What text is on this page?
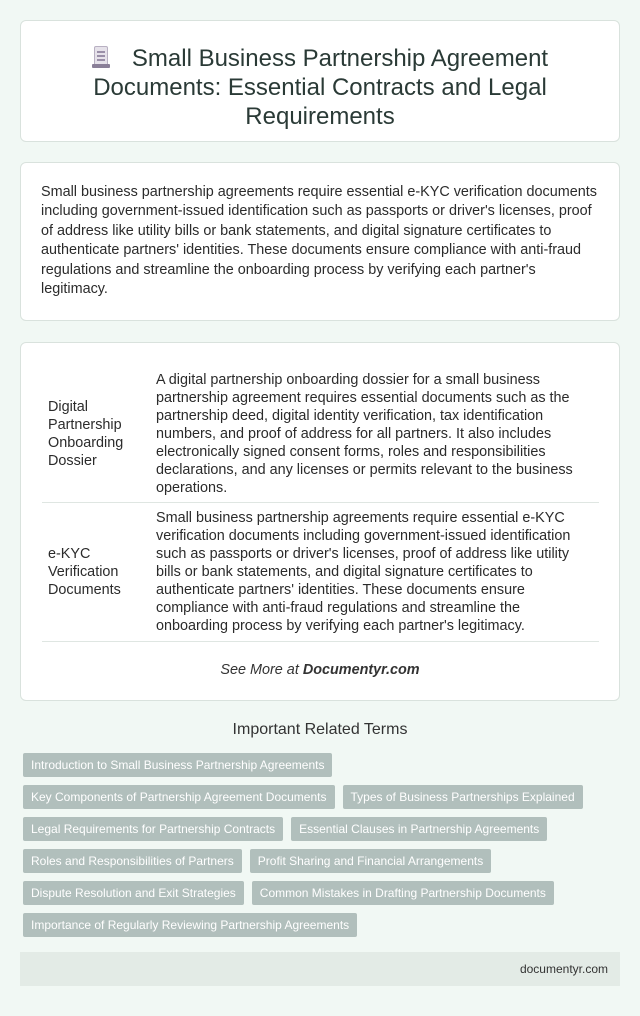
Small Business Partnership Agreement Documents: Essential Contracts and Legal Requirements

Small business partnership agreements require essential e-KYC verification documents including government-issued identification such as passports or driver's licenses, proof of address like utility bills or bank statements, and digital signature certificates to authenticate partners' identities. These documents ensure compliance with anti-fraud regulations and streamline the onboarding process by verifying each partner's legitimacy.

Digital Partnership Onboarding Dossier	A digital partnership onboarding dossier for a small business partnership agreement requires essential documents such as the partnership deed, digital identity verification, tax identification numbers, and proof of address for all partners. It also includes electronically signed consent forms, roles and responsibilities declarations, and any licenses or permits relevant to the business operations.
e-KYC Verification Documents	Small business partnership agreements require essential e-KYC verification documents including government-issued identification such as passports or driver's licenses, proof of address like utility bills or bank statements, and digital signature certificates to authenticate partners' identities. These documents ensure compliance with anti-fraud regulations and streamline the onboarding process by verifying each partner's legitimacy.
See More at Documentyr.com
Important Related Terms
Introduction to Small Business Partnership Agreements
Key Components of Partnership Agreement Documents	Types of Business Partnerships Explained
Legal Requirements for Partnership Contracts	Essential Clauses in Partnership Agreements
Roles and Responsibilities of Partners	Profit Sharing and Financial Arrangements
Dispute Resolution and Exit Strategies	Common Mistakes in Drafting Partnership Documents
Importance of Regularly Reviewing Partnership Agreements
documentyr.com
